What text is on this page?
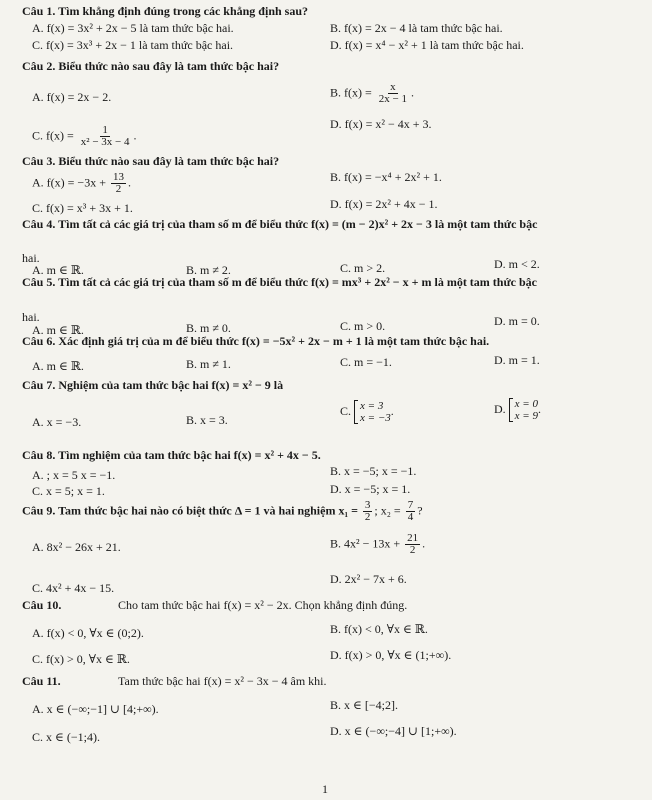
Câu 1. Tìm khẳng định đúng trong các khẳng định sau?
A. f(x) = 3x² + 2x − 5 là tam thức bậc hai.	B. f(x) = 2x − 4 là tam thức bậc hai.
C. f(x) = 3x³ + 2x − 1 là tam thức bậc hai.	D. f(x) = x⁴ − x² + 1 là tam thức bậc hai.
Câu 2. Biểu thức nào sau đây là tam thức bậc hai?
A. f(x) = 2x − 2.	B. $f(x) = \frac{x}{2x - 1}$ .
C. $f(x) = \frac{1}{\text{x² − 3x − 4}}$ .
D. f(x) = x² − 4x + 3.
Câu 3. Biểu thức nào sau đây là tam thức bậc hai?
A. $f(x) = -3x + \frac{13}{2}$ .	B. f(x) = −x⁴ + 2x² + 1.
C. f(x) = x³ + 3x + 1.	D. f(x) = 2x² + 4x − 1.
Câu 4. Tìm tất cả các giá trị của tham số m để biểu thức f(x) = (m − 2)x² + 2x − 3 là một tam thức bậc
hai.
A. m ∈ ℝ.	B. m ≠ 2.	C. m > 2.	D. m < 2.
Câu 5. Tìm tất cả các giá trị của tham số m để biểu thức f(x) = mx³ + 2x² − x + m là một tam thức bậc
hai.
A. m ∈ ℝ.	B. m ≠ 0.	C. m > 0.	D. m = 0.
Câu 6. Xác định giá trị của m để biểu thức f(x) = −5x² + 2x − m + 1 là một tam thức bậc hai.
A. m ∈ ℝ.	B. m ≠ 1.	C. m = −1.	D. m = 1.
Câu 7. Nghiệm của tam thức bậc hai f(x) = x² − 9 là
A. x = −3.	B. x = 3.
C. x = 3
x = −3
.	D. x = 0
x = 9
.
Câu 8. Tìm nghiệm của tam thức bậc hai f(x) = x² + 4x − 5.
A. ; x = 5 x = −1.	B. x = −5; x = −1.
C. x = 5; x = 1.	D. x = −5; x = 1.
Câu 9. Tam thức bậc hai nào có biệt thức Δ = 1 và hai nghiệm $x_1 = \frac{3}{2}$ ; $x_2 = \frac{7}{4}$ ?
A. 8x² − 26x + 21.	B. $4x^2 - 13x + \frac{21}{2}$ .
C. 4x² + 4x − 15.
D. 2x² − 7x + 6.
Câu 10.	Cho tam thức bậc hai f(x) = x² − 2x. Chọn khẳng định đúng.
A. f(x) < 0, ∀x ∈ (0;2).	B. f(x) < 0, ∀x ∈ ℝ.
C. f(x) > 0, ∀x ∈ ℝ.	D. f(x) > 0, ∀x ∈ (1;+∞).
Câu 11.	Tam thức bậc hai f(x) = x² − 3x − 4 âm khi.
A. x ∈ (−∞;−1] ∪ [4;+∞).	B. x ∈ [−4;2].
C. x ∈ (−1;4).	D. x ∈ (−∞;−4] ∪ [1;+∞).
1
